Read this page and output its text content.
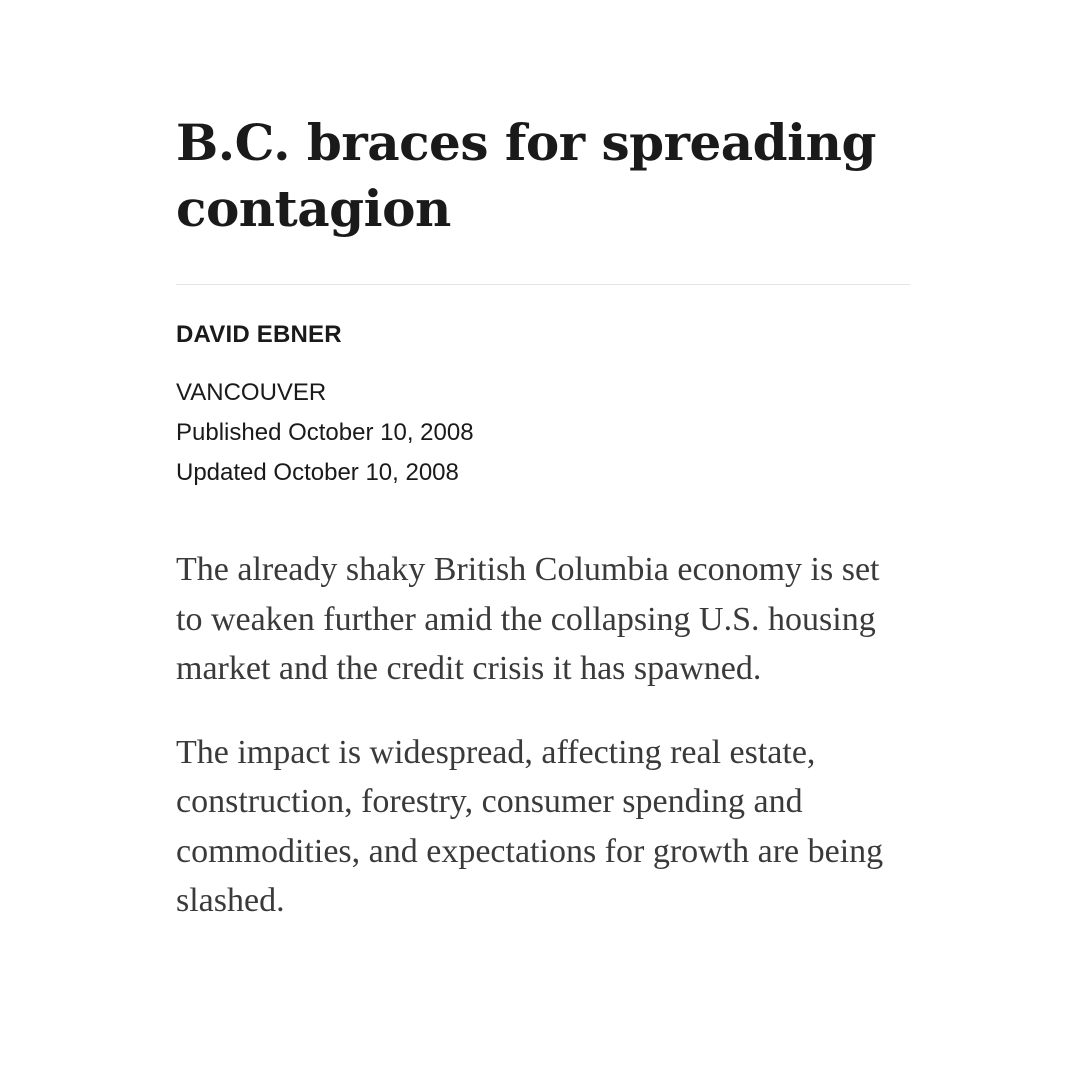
B.C. braces for spreading contagion
DAVID EBNER
VANCOUVER
Published October 10, 2008
Updated October 10, 2008

The already shaky British Columbia economy is set to weaken further amid the collapsing U.S. housing market and the credit crisis it has spawned.

The impact is widespread, affecting real estate, construction, forestry, consumer spending and commodities, and expectations for growth are being slashed.
